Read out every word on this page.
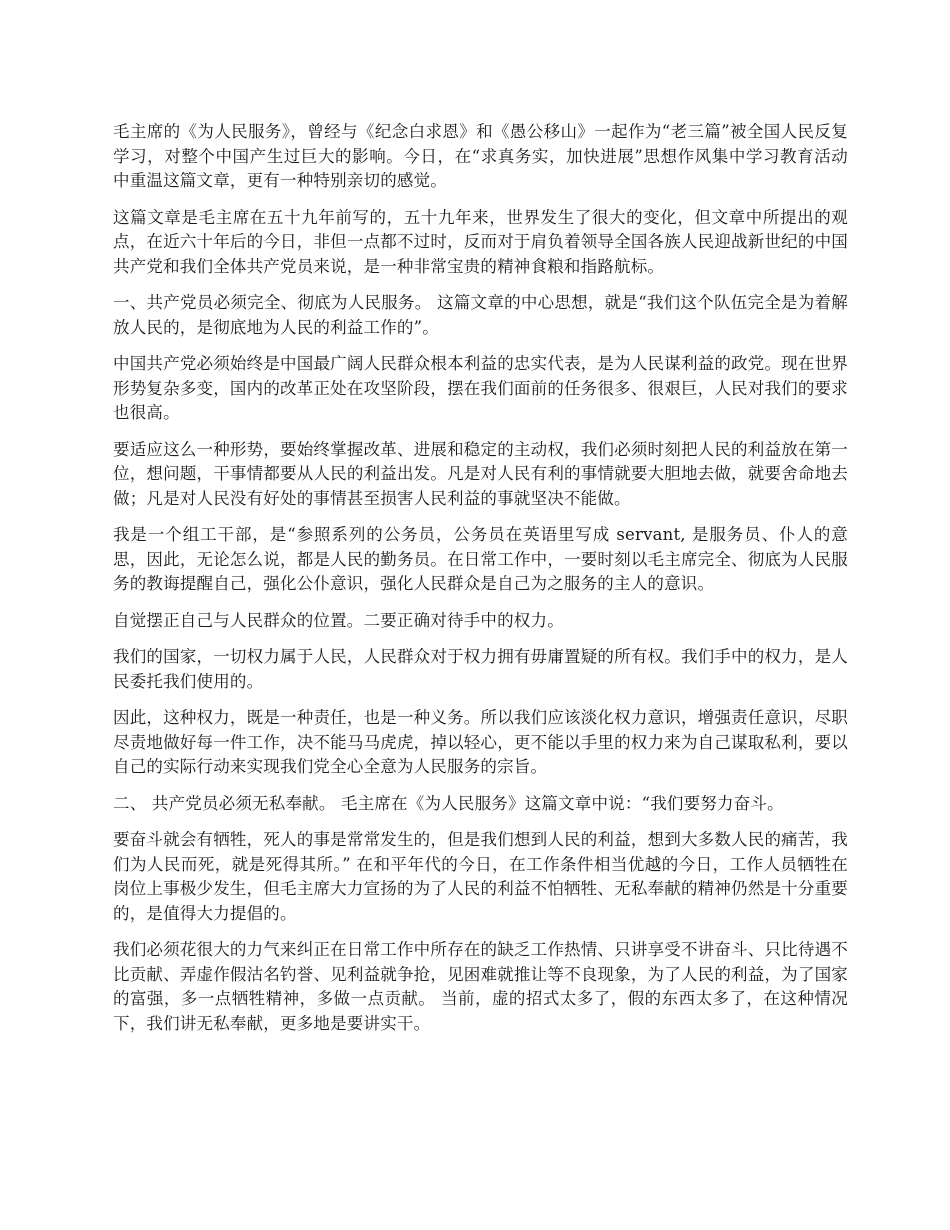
毛主席的《为人民服务》，曾经与《纪念白求恩》和《愚公移山》一起作为“老三篇”被全国人民反复学习，对整个中国产生过巨大的影响。今日，在“求真务实，加快进展”思想作风集中学习教育活动中重温这篇文章，更有一种特别亲切的感觉。

这篇文章是毛主席在五十九年前写的，五十九年来，世界发生了很大的变化，但文章中所提出的观点，在近六十年后的今日，非但一点都不过时，反而对于肩负着领导全国各族人民迎战新世纪的中国共产党和我们全体共产党员来说，是一种非常宝贵的精神食粮和指路航标。

一、共产党员必须完全、彻底为人民服务。 这篇文章的中心思想，就是“我们这个队伍完全是为着解放人民的，是彻底地为人民的利益工作的”。

中国共产党必须始终是中国最广阔人民群众根本利益的忠实代表，是为人民谋利益的政党。现在世界形势复杂多变，国内的改革正处在攻坚阶段，摆在我们面前的任务很多、很艰巨，人民对我们的要求也很高。

要适应这么一种形势，要始终掌握改革、进展和稳定的主动权，我们必须时刻把人民的利益放在第一位，想问题，干事情都要从人民的利益出发。凡是对人民有利的事情就要大胆地去做，就要舍命地去做；凡是对人民没有好处的事情甚至损害人民利益的事就坚决不能做。

我是一个组工干部，是“参照系列的公务员，公务员在英语里写成 servant, 是服务员、仆人的意思，因此，无论怎么说，都是人民的勤务员。在日常工作中，一要时刻以毛主席完全、彻底为人民服务的教诲提醒自己，强化公仆意识，强化人民群众是自己为之服务的主人的意识。

自觉摆正自己与人民群众的位置。二要正确对待手中的权力。

我们的国家，一切权力属于人民，人民群众对于权力拥有毋庸置疑的所有权。我们手中的权力，是人民委托我们使用的。

因此，这种权力，既是一种责任，也是一种义务。所以我们应该淡化权力意识，增强责任意识，尽职尽责地做好每一件工作，决不能马马虎虎，掉以轻心，更不能以手里的权力来为自己谋取私利，要以自己的实际行动来实现我们党全心全意为人民服务的宗旨。

二、 共产党员必须无私奉献。 毛主席在《为人民服务》这篇文章中说：“我们要努力奋斗。

要奋斗就会有牺牲，死人的事是常常发生的，但是我们想到人民的利益，想到大多数人民的痛苦，我们为人民而死，就是死得其所。” 在和平年代的今日，在工作条件相当优越的今日，工作人员牺牲在岗位上事极少发生，但毛主席大力宣扬的为了人民的利益不怕牺牲、无私奉献的精神仍然是十分重要的，是值得大力提倡的。

我们必须花很大的力气来纠正在日常工作中所存在的缺乏工作热情、只讲享受不讲奋斗、只比待遇不比贡献、弄虚作假沽名钓誉、见利益就争抢，见困难就推让等不良现象，为了人民的利益，为了国家的富强，多一点牺牲精神，多做一点贡献。 当前，虚的招式太多了，假的东西太多了，在这种情况下，我们讲无私奉献，更多地是要讲实干。
